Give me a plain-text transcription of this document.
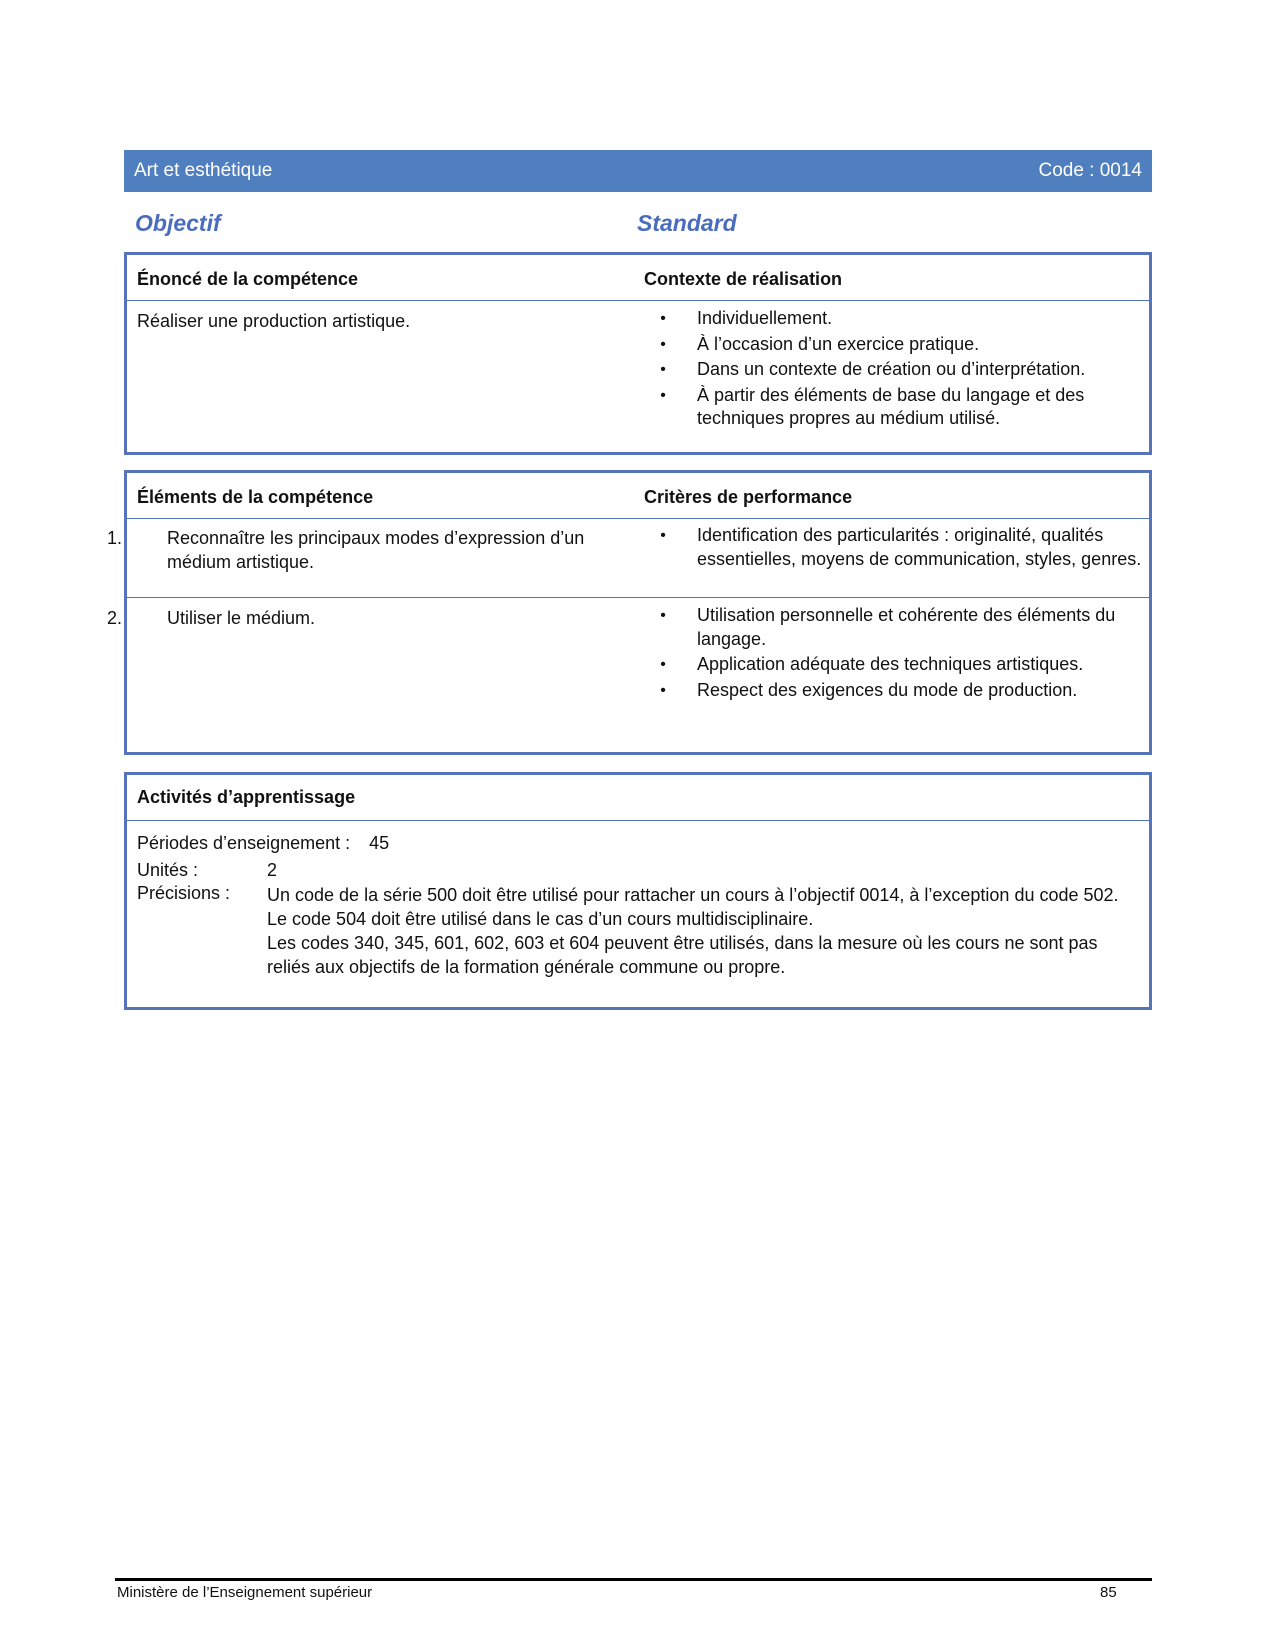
Art et esthétique	Code : 0014
Objectif	Standard
Énoncé de la compétence	Contexte de réalisation
Réaliser une production artistique.	• Individuellement.
• À l’occasion d’un exercice pratique.
• Dans un contexte de création ou d’interprétation.
• À partir des éléments de base du langage et des techniques propres au médium utilisé.
Éléments de la compétence	Critères de performance
1. Reconnaître les principaux modes d’expression d’un médium artistique.
• Identification des particularités : originalité, qualités essentielles, moyens de communication, styles, genres.
2. Utiliser le médium.	• Utilisation personnelle et cohérente des éléments du langage.
• Application adéquate des techniques artistiques.
• Respect des exigences du mode de production.
Activités d’apprentissage
Périodes d’enseignement : 45
Unités :	2
Précisions : Un code de la série 500 doit être utilisé pour rattacher un cours à l’objectif 0014, à l’exception du code 502.

Le code 504 doit être utilisé dans le cas d’un cours multidisciplinaire.

Les codes 340, 345, 601, 602, 603 et 604 peuvent être utilisés, dans la mesure où les cours ne sont pas reliés aux objectifs de la formation générale commune ou propre.

Ministère de l’Enseignement supérieur	85
